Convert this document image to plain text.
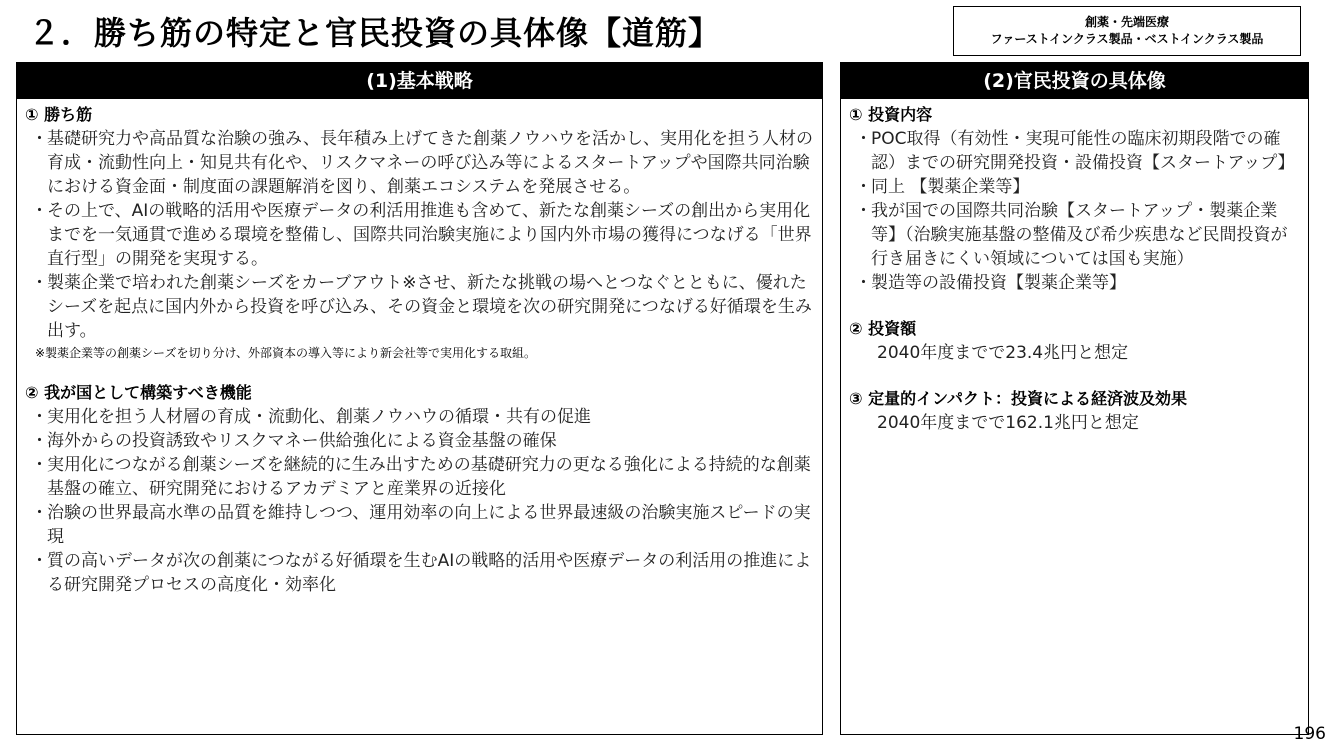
２．勝ち筋の特定と官民投資の具体像【道筋】	創薬・先端医療
ファーストインクラス製品・ベストインクラス製品
(1)基本戦略
① 勝ち筋
・ 基礎研究力や高品質な治験の強み、長年積み上げてきた創薬ノウハウを活かし、実用化を担う人材の育成・流動性向上・知見共有化や、リスクマネーの呼び込み等によるスタートアップや国際共同治験における資金面・制度面の課題解消を図り、創薬エコシステムを発展させる。
・ その上で、AIの戦略的活用や医療データの利活用推進も含めて、新たな創薬シーズの創出から実用化までを一気通貫で進める環境を整備し、国際共同治験実施により国内外市場の獲得につなげる「世界直行型」の開発を実現する。
・ 製薬企業で培われた創薬シーズをカーブアウト※させ、新たな挑戦の場へとつなぐとともに、優れたシーズを起点に国内外から投資を呼び込み、その資金と環境を次の研究開発につなげる好循環を生み出す。
※製薬企業等の創薬シーズを切り分け、外部資本の導入等により新会社等で実用化する取組。
② 我が国として構築すべき機能
・ 実用化を担う人材層の育成・流動化、創薬ノウハウの循環・共有の促進
・ 海外からの投資誘致やリスクマネー供給強化による資金基盤の確保
・ 実用化につながる創薬シーズを継続的に生み出すための基礎研究力の更なる強化による持続的な創薬基盤の確立、研究開発におけるアカデミアと産業界の近接化
・ 治験の世界最高水準の品質を維持しつつ、運用効率の向上による世界最速級の治験実施スピードの実現
・ 質の高いデータが次の創薬につながる好循環を生むAIの戦略的活用や医療データの利活用の推進による研究開発プロセスの高度化・効率化
(2)官民投資の具体像
① 投資内容
・ POC取得（有効性・実現可能性の臨床初期段階での確認）までの研究開発投資・設備投資【スタートアップ】
・ 同上 【製薬企業等】
・ 我が国での国際共同治験【スタートアップ・製薬企業等】（治験実施基盤の整備及び希少疾患など民間投資が行き届きにくい領域については国も実施）
・ 製造等の設備投資【製薬企業等】
② 投資額
2040年度までで23.4兆円と想定
③ 定量的インパクト：投資による経済波及効果
2040年度までで162.1兆円と想定
196
